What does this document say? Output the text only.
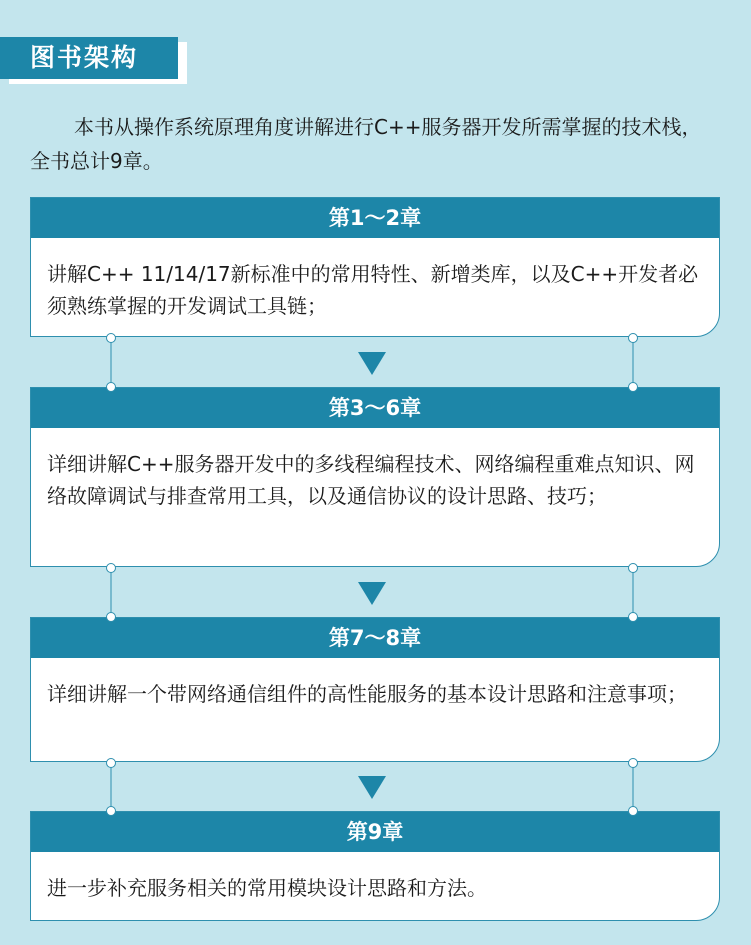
图书架构

本书从操作系统原理角度讲解进行C++服务器开发所需掌握的技术栈，全书总计9章。

第1～2章

讲解C++ 11/14/17新标准中的常用特性、新增类库，以及C++开发者必须熟练掌握的开发调试工具链；

第3～6章

详细讲解C++服务器开发中的多线程编程技术、网络编程重难点知识、网络故障调试与排查常用工具，以及通信协议的设计思路、技巧；

第7～8章

详细讲解一个带网络通信组件的高性能服务的基本设计思路和注意事项；

第9章

进一步补充服务相关的常用模块设计思路和方法。
